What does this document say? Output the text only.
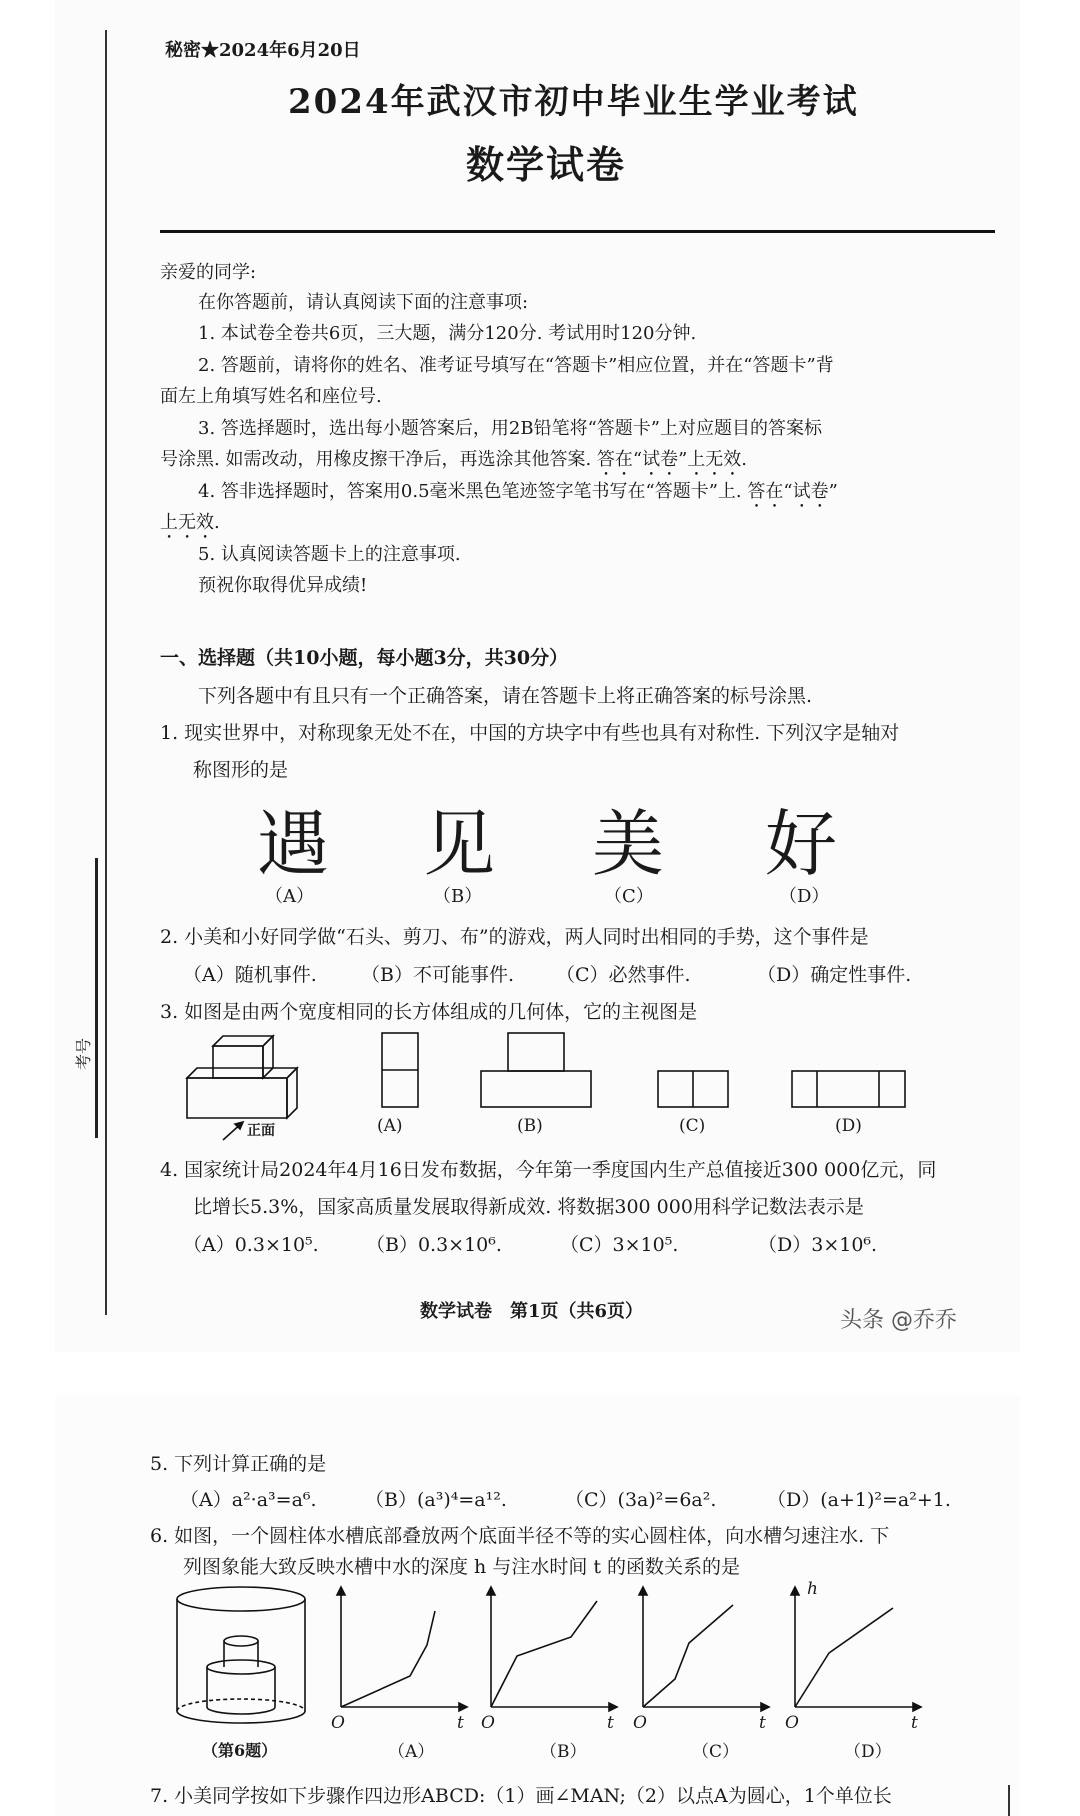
考号
秘密★2024年6月20日
2024年武汉市初中毕业生学业考试
数学试卷
亲爱的同学:
在你答题前，请认真阅读下面的注意事项:
1. 本试卷全卷共6页，三大题，满分120分. 考试用时120分钟.
2. 答题前，请将你的姓名、准考证号填写在“答题卡”相应位置，并在“答题卡”背
面左上角填写姓名和座位号.
3. 答选择题时，选出每小题答案后，用2B铅笔将“答题卡”上对应题目的答案标
号涂黑. 如需改动，用橡皮擦干净后，再选涂其他答案. 答在“试卷”上无效.
4. 答非选择题时，答案用0.5毫米黑色笔迹签字笔书写在“答题卡”上. 答在“试卷”
上无效.
5. 认真阅读答题卡上的注意事项.
预祝你取得优异成绩!
一、选择题（共10小题，每小题3分，共30分）
下列各题中有且只有一个正确答案，请在答题卡上将正确答案的标号涂黑.
1. 现实世界中，对称现象无处不在，中国的方块字中有些也具有对称性. 下列汉字是轴对
称图形的是
遇 见 美 好
（A）	（B）	（C）	（D）
2. 小美和小好同学做“石头、剪刀、布”的游戏，两人同时出相同的手势，这个事件是
（A）随机事件. （B）不可能事件. （C）必然事件.	（D）确定性事件.
3. 如图是由两个宽度相同的长方体组成的几何体，它的主视图是
正面	(A)	(B)	(C)	(D)
4. 国家统计局2024年4月16日发布数据，今年第一季度国内生产总值接近300 000亿元，同
比增长5.3%，国家高质量发展取得新成效. 将数据300 000用科学记数法表示是
（A）0.3×10⁵. （B）0.3×10⁶.	（C）3×10⁵.	（D）3×10⁶.
数学试卷　第1页（共6页）	头条 @乔乔
5. 下列计算正确的是
（A）a²·a³=a⁶.	（B）(a³)⁴=a¹².	（C）(3a)²=6a².	（D）(a+1)²=a²+1.
6. 如图，一个圆柱体水槽底部叠放两个底面半径不等的实心圆柱体，向水槽匀速注水. 下
列图象能大致反映水槽中水的深度 h 与注水时间 t 的函数关系的是
（第6题）
O	t O	t O	t O	t
h
（A）	（B）	（C）	（D）
7. 小美同学按如下步骤作四边形ABCD:（1）画∠MAN;（2）以点A为圆心，1个单位长
